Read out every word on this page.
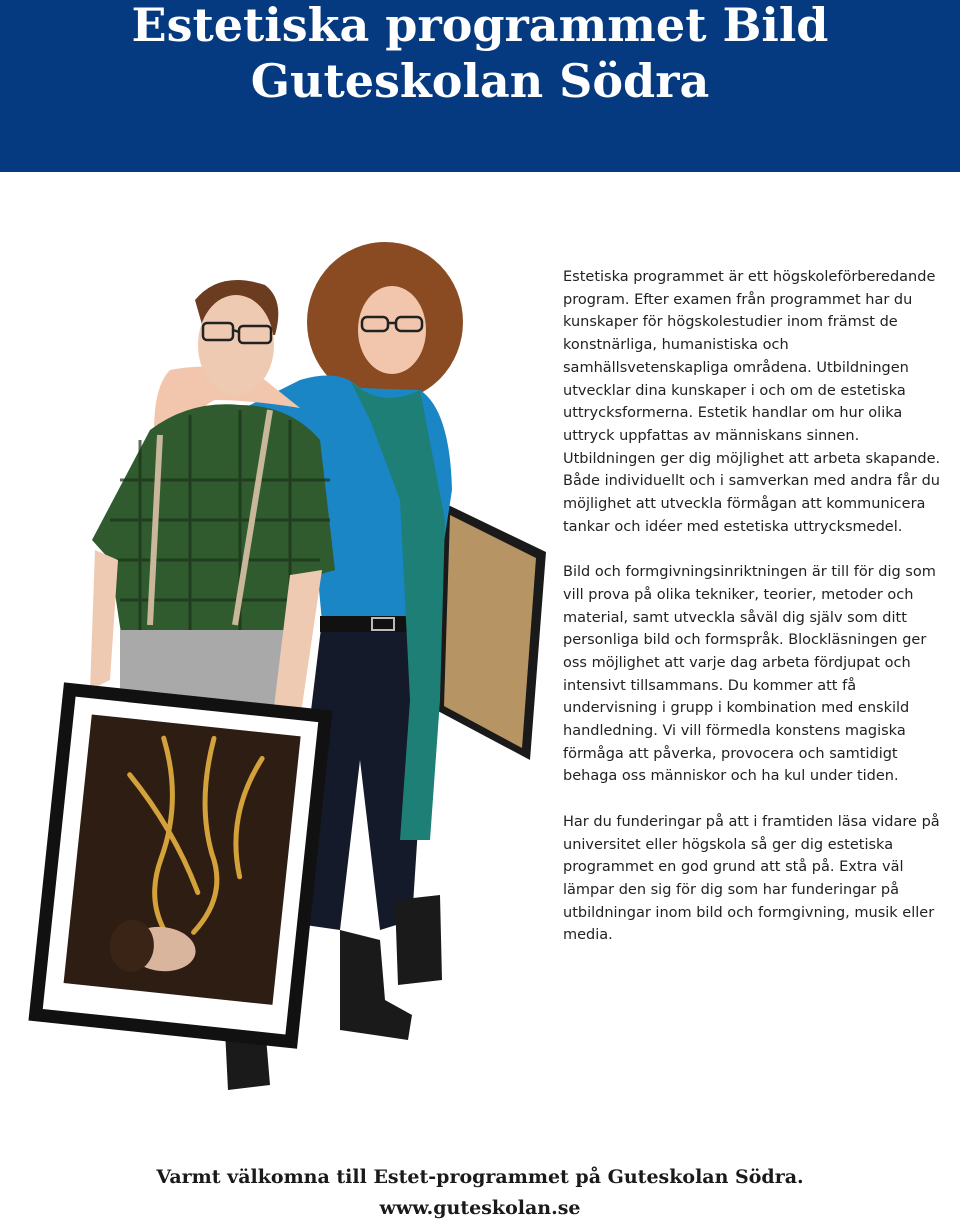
Estetiska programmet Bild
Guteskolan Södra

Estetiska programmet är ett högskoleförberedande program. Efter examen från programmet har du kunskaper för högskolestudier inom främst de konstnärliga, humanistiska och samhällsvetenskapliga områdena. Utbildningen utvecklar dina kunskaper i och om de estetiska uttrycksformerna. Estetik handlar om hur olika uttryck uppfattas av människans sinnen. Utbildningen ger dig möjlighet att arbeta skapande. Både individuellt och i samverkan med andra får du möjlighet att utveckla förmågan att kommunicera tankar och idéer med estetiska uttrycksmedel.

Bild och formgivningsinriktningen är till för dig som vill prova på olika tekniker, teorier, metoder och material, samt utveckla såväl dig själv som ditt personliga bild och formspråk. Blockläsningen ger oss möjlighet att varje dag arbeta fördjupat och intensivt tillsammans. Du kommer att få undervisning i grupp i kombination med enskild handledning. Vi vill förmedla konstens magiska förmåga att påverka, provocera och samtidigt behaga oss människor och ha kul under tiden.

Har du funderingar på att i framtiden läsa vidare på universitet eller högskola så ger dig estetiska programmet en god grund att stå på. Extra väl lämpar den sig för dig som har funderingar på utbildningar inom bild och formgivning, musik eller media.

Varmt välkomna till Estet-programmet på Guteskolan Södra.
www.guteskolan.se
